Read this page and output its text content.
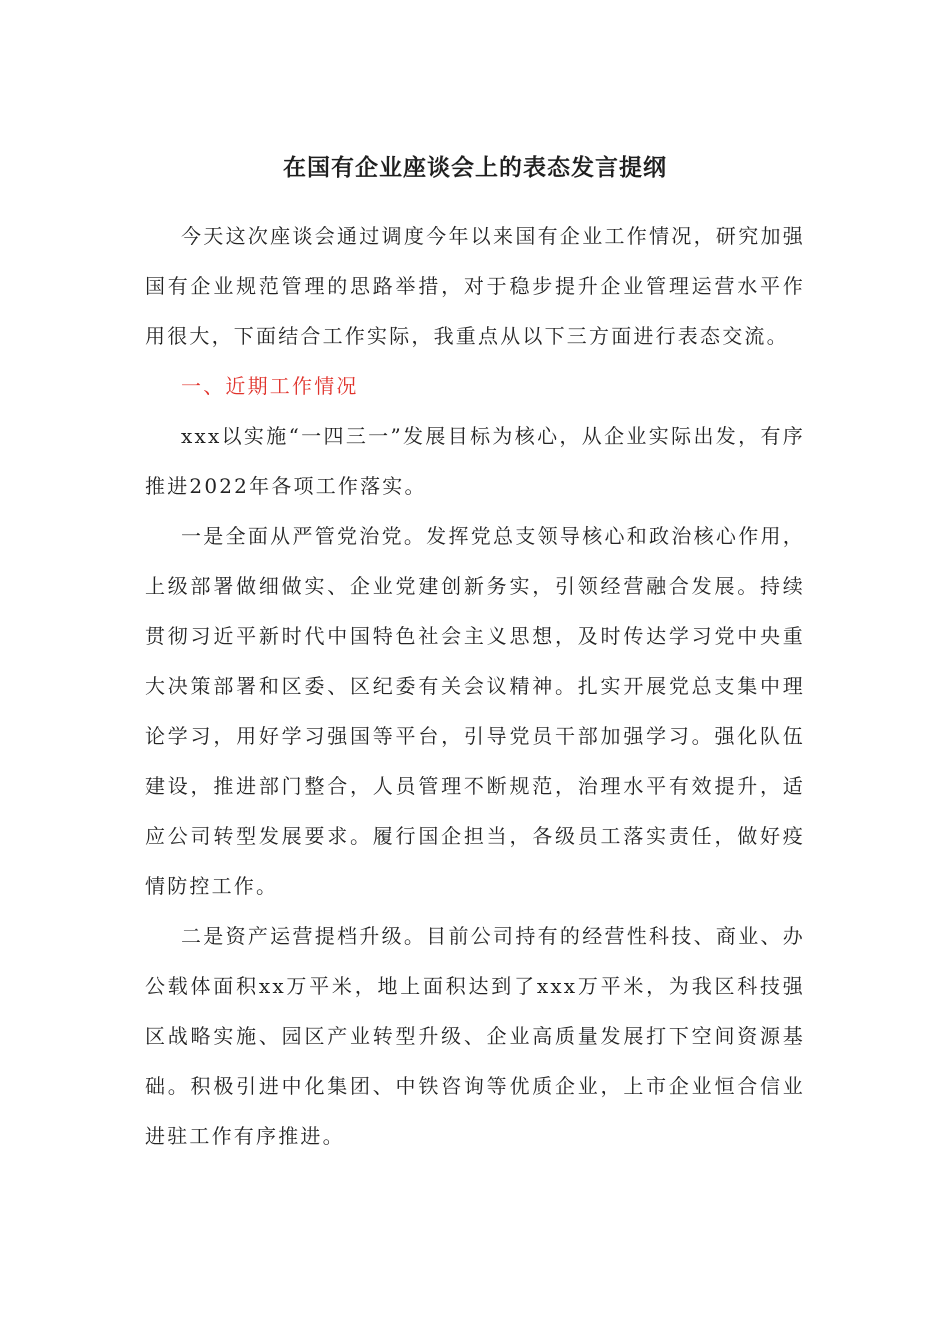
在国有企业座谈会上的表态发言提纲

今天这次座谈会通过调度今年以来国有企业工作情况，研究加强国有企业规范管理的思路举措，对于稳步提升企业管理运营水平作用很大，下面结合工作实际，我重点从以下三方面进行表态交流。

一、近期工作情况

xxx以实施“一四三一”发展目标为核心，从企业实际出发，有序推进2022年各项工作落实。

一是全面从严管党治党。发挥党总支领导核心和政治核心作用，上级部署做细做实、企业党建创新务实，引领经营融合发展。持续贯彻习近平新时代中国特色社会主义思想，及时传达学习党中央重大决策部署和区委、区纪委有关会议精神。扎实开展党总支集中理论学习，用好学习强国等平台，引导党员干部加强学习。强化队伍建设，推进部门整合，人员管理不断规范，治理水平有效提升，适应公司转型发展要求。履行国企担当，各级员工落实责任，做好疫情防控工作。

二是资产运营提档升级。目前公司持有的经营性科技、商业、办公载体面积xx万平米，地上面积达到了xxx万平米，为我区科技强区战略实施、园区产业转型升级、企业高质量发展打下空间资源基础。积极引进中化集团、中铁咨询等优质企业，上市企业恒合信业进驻工作有序推进。
